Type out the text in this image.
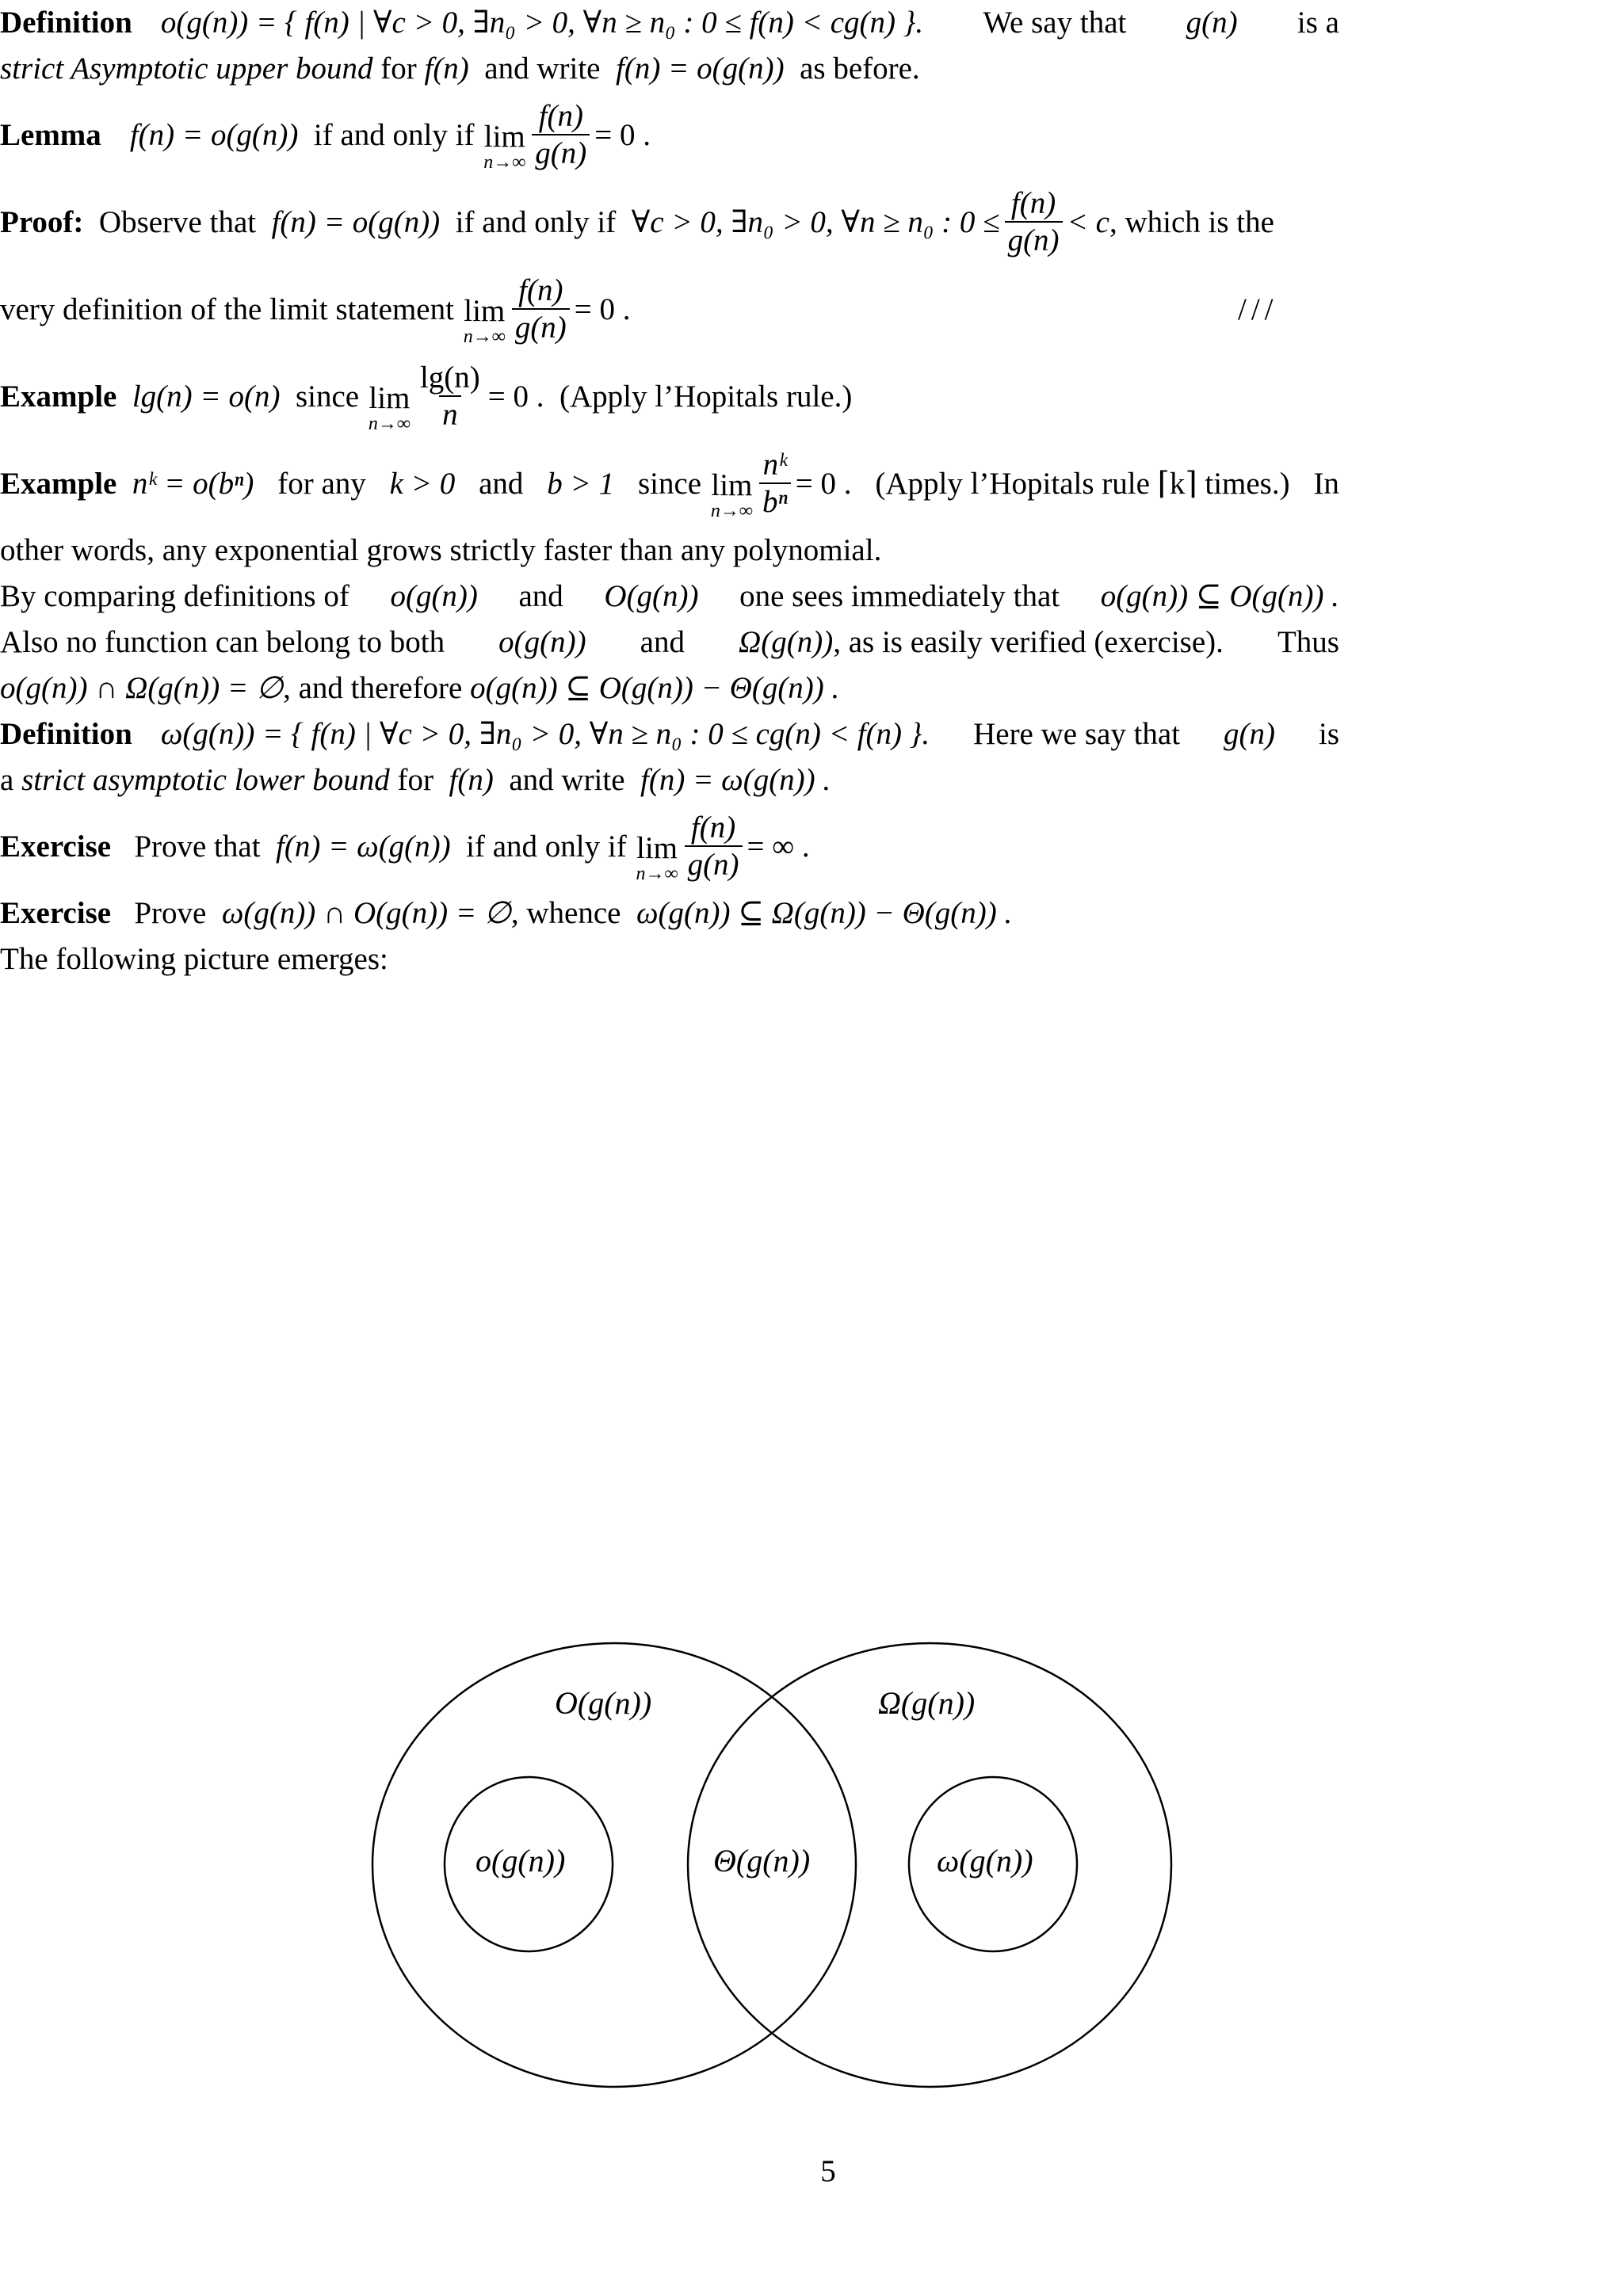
Definition o(g(n)) = { f(n) | ∀c > 0, ∃n₀ > 0, ∀n ≥ n₀ : 0 ≤ f(n) < cg(n) }. We say that g(n) is a
strict Asymptotic upper bound
for
f(n)
and write
f(n) = o(g(n))
as before.
Lemma f(n) = o(g(n))
if and only if
lim
$n\to\infty \frac{f(n)}{g(n)} = 0$ .
Proof:
Observe that
f(n) = o(g(n))
if and only if
∀c > 0, ∃n₀ > 0, ∀n ≥ n₀ : $0 \le \frac{f(n)}{g(n)} < c$ , which is the
very definition of the limit statement
lim
$n\to\infty \frac{f(n)}{g(n)} = 0$ .	///
Example
lg(n) = o(n)
since
lim
$n\to\infty \frac{\lg(n)}{n} = 0$ .
(Apply l’Hopitals rule.)
Example
nᵏ = o(bⁿ) for any k > 0 and b > 1 since
lim
$n\to\infty \frac{\text{nᵏ}}{\text{bⁿ}} = 0$ . (Apply l’Hopitals rule ⌈k⌉ times.) In
other words, any exponential grows strictly faster than any polynomial.
By comparing definitions of o(g(n)) and O(g(n)) one sees immediately that o(g(n)) ⊆ O(g(n)) .
Also no function can belong to both o(g(n)) and Ω(g(n)) , as is easily verified (exercise). Thus
o(g(n)) ∩ Ω(g(n)) = ∅ , and therefore
o(g(n)) ⊆ O(g(n)) − Θ(g(n)) .
Definition ω(g(n)) = { f(n) | ∀c > 0, ∃n₀ > 0, ∀n ≥ n₀ : 0 ≤ cg(n) < f(n) }. Here we say that g(n) is
a
strict asymptotic lower bound
for
f(n)
and write
f(n) = ω(g(n)) .
Exercise
Prove that
f(n) = ω(g(n))
if and only if
lim
$n\to\infty \frac{f(n)}{g(n)}$ = ∞ .
Exercise
Prove
ω(g(n)) ∩ O(g(n)) = ∅ , whence
ω(g(n)) ⊆ Ω(g(n)) − Θ(g(n)) .
The following picture emerges:
O(g(n))	Ω(g(n))
o(g(n))	Θ(g(n))	ω(g(n))
5
